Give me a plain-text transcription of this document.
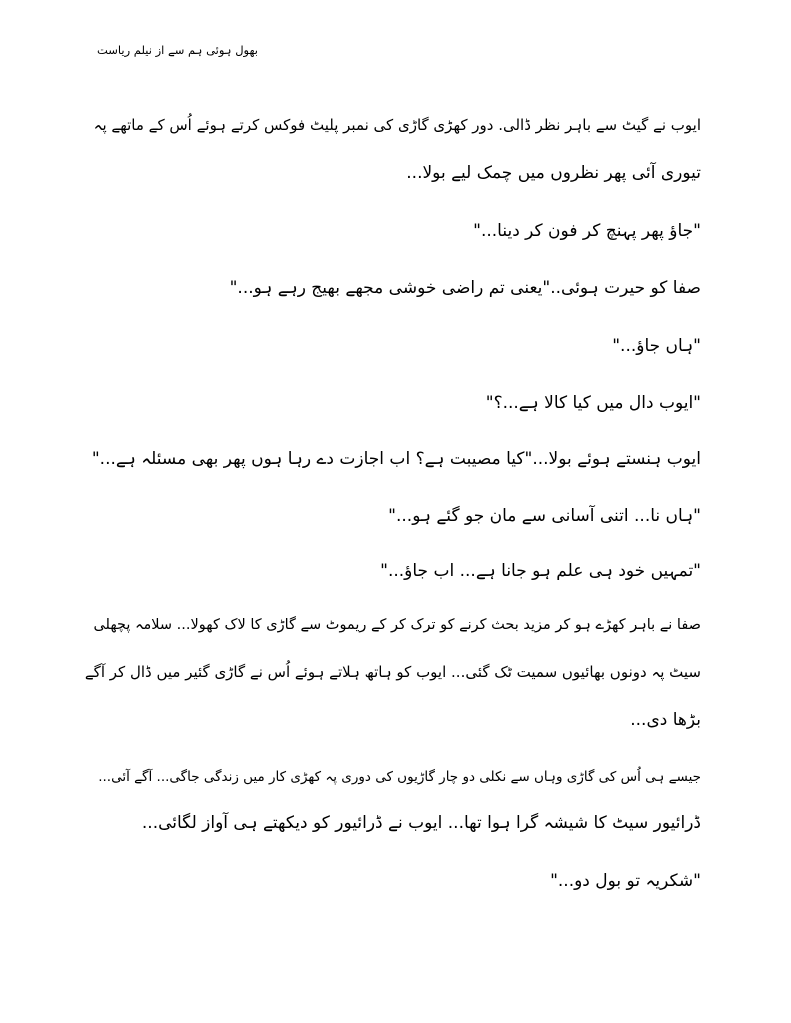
بھول ہوئی ہم سے از نیلم ریاست
ایوب نے گیٹ سے باہر نظر ڈالی. دور کھڑی گاڑی کی نمبر پلیٹ فوکس کرتے ہوئے اُس کے ماتھے پہ
تیوری آئی پھر نظروں میں چمک لیے بولا...
"جاؤ پھر پہنچ کر فون کر دینا..."
صفا کو حیرت ہوئی.."یعنی تم راضی خوشی مجھے بھیج رہے ہو..."
"ہاں جاؤ..."
"ایوب دال میں کیا کالا ہے...؟"
ایوب ہنستے ہوئے بولا..."کیا مصیبت ہے؟ اب اجازت دے رہا ہوں پھر بھی مسئلہ ہے..."
"ہاں نا... اتنی آسانی سے مان جو گئے ہو..."
"تمہیں خود ہی علم ہو جانا ہے... اب جاؤ..."
صفا نے باہر کھڑے ہو کر مزید بحث کرنے کو ترک کر کے ریموٹ سے گاڑی کا لاک کھولا... سلامہ پچھلی
سیٹ پہ دونوں بھائیوں سمیت ٹک گئی... ایوب کو ہاتھ ہلاتے ہوئے اُس نے گاڑی گئیر میں ڈال کر آگے
بڑھا دی...
جیسے ہی اُس کی گاڑی وہاں سے نکلی دو چار گاڑیوں کی دوری پہ کھڑی کار میں زندگی جاگی... آگے آئی...
ڈرائیور سیٹ کا شیشہ گرا ہوا تھا... ایوب نے ڈرائیور کو دیکھتے ہی آواز لگائی...
"شکریہ تو بول دو..."
